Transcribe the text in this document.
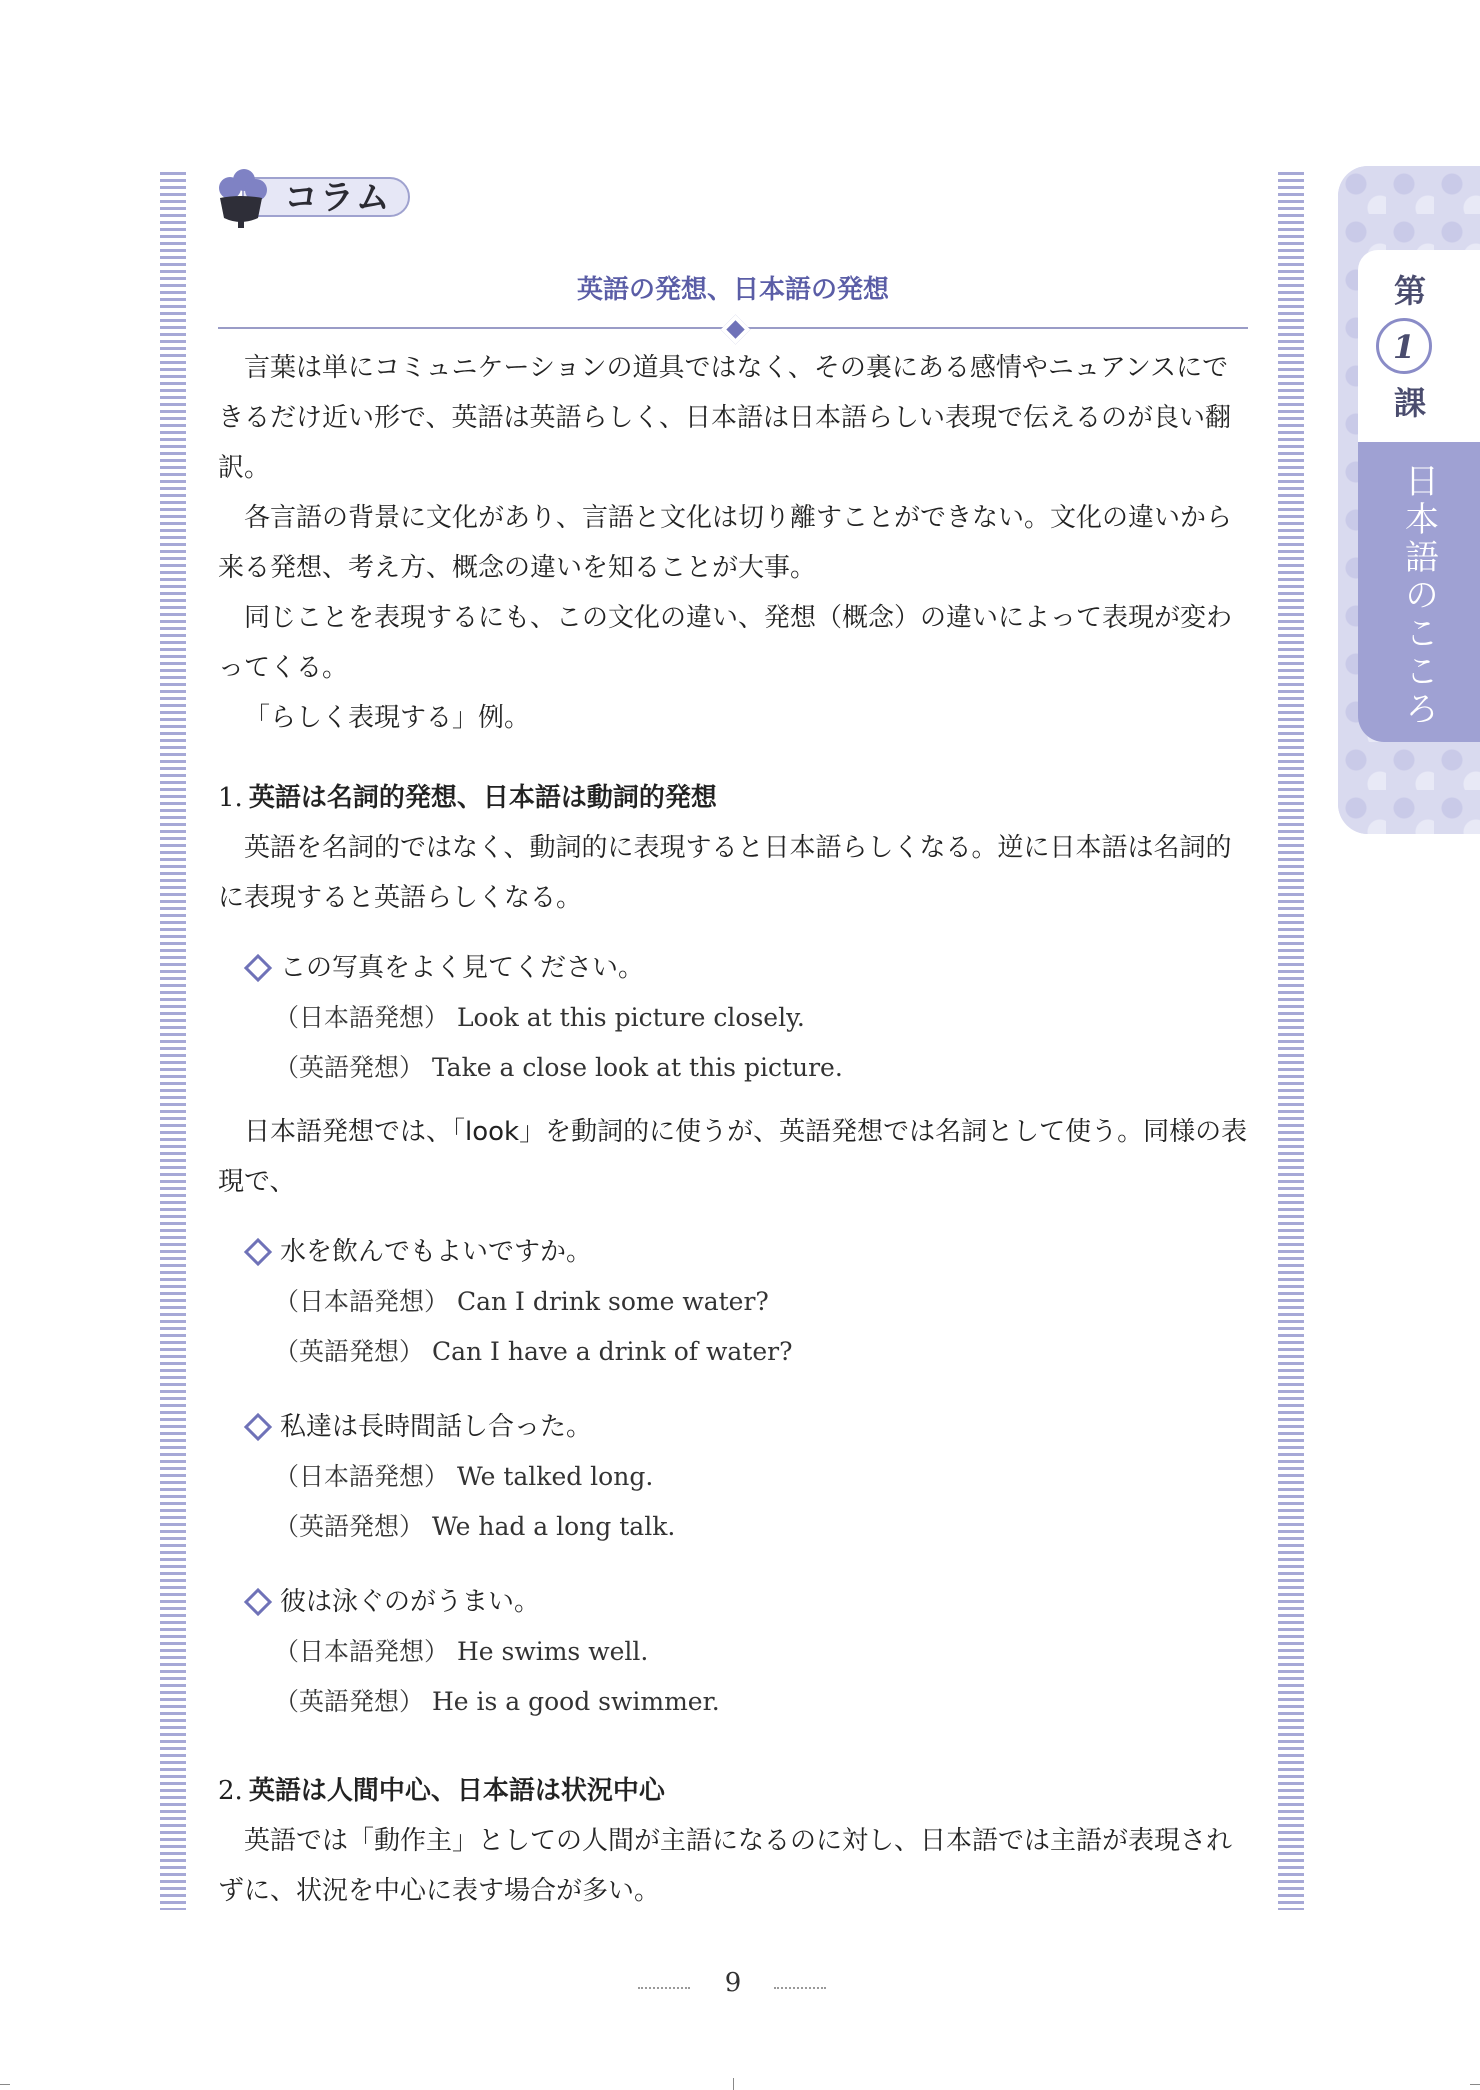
コラム
英語の発想、日本語の発想

言葉は単にコミュニケーションの道具ではなく、その裏にある感情やニュアンスにできるだけ近い形で、英語は英語らしく、日本語は日本語らしい表現で伝えるのが良い翻訳。

各言語の背景に文化があり、言語と文化は切り離すことができない。文化の違いから来る発想、考え方、概念の違いを知ることが大事。

同じことを表現するにも、この文化の違い、発想（概念）の違いによって表現が変わってくる。

「らしく表現する」例。

1. 英語は名詞的発想、日本語は動詞的発想

英語を名詞的ではなく、動詞的に表現すると日本語らしくなる。逆に日本語は名詞的に表現すると英語らしくなる。

この写真をよく見てください。
（日本語発想） Look at this picture closely.
（英語発想） Take a close look at this picture.

日本語発想では、「look」を動詞的に使うが、英語発想では名詞として使う。同様の表現で、

水を飲んでもよいですか。
（日本語発想） Can I drink some water?
（英語発想） Can I have a drink of water?
私達は長時間話し合った。
（日本語発想） We talked long.
（英語発想） We had a long talk.
彼は泳ぐのがうまい。
（日本語発想） He swims well.
（英語発想） He is a good swimmer.

2. 英語は人間中心、日本語は状況中心

英語では「動作主」としての人間が主語になるのに対し、日本語では主語が表現されずに、状況を中心に表す場合が多い。

第
1
課
日本語のこころ
9
